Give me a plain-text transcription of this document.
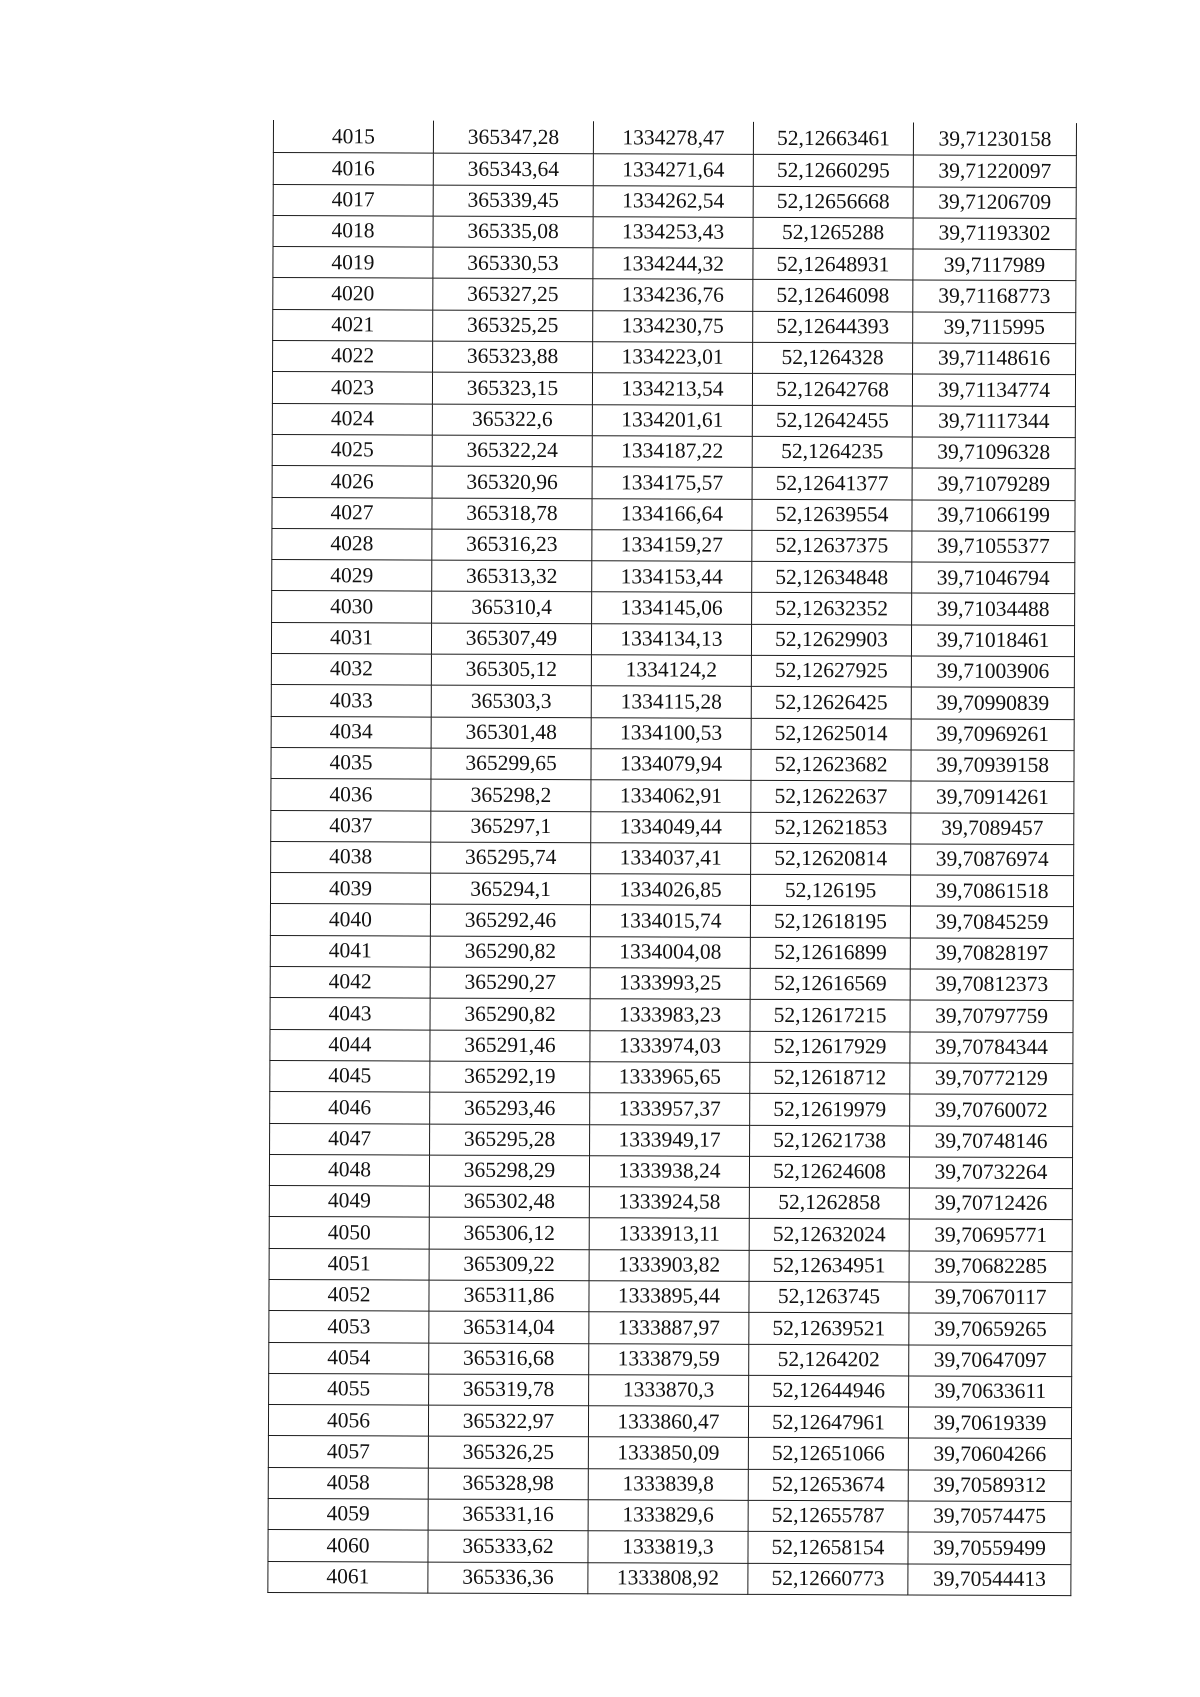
4015	365347,28	1334278,47	52,12663461	39,71230158
4016	365343,64	1334271,64	52,12660295	39,71220097
4017	365339,45	1334262,54	52,12656668	39,71206709
4018	365335,08	1334253,43	52,1265288	39,71193302
4019	365330,53	1334244,32	52,12648931	39,7117989
4020	365327,25	1334236,76	52,12646098	39,71168773
4021	365325,25	1334230,75	52,12644393	39,7115995
4022	365323,88	1334223,01	52,1264328	39,71148616
4023	365323,15	1334213,54	52,12642768	39,71134774
4024	365322,6	1334201,61	52,12642455	39,71117344
4025	365322,24	1334187,22	52,1264235	39,71096328
4026	365320,96	1334175,57	52,12641377	39,71079289
4027	365318,78	1334166,64	52,12639554	39,71066199
4028	365316,23	1334159,27	52,12637375	39,71055377
4029	365313,32	1334153,44	52,12634848	39,71046794
4030	365310,4	1334145,06	52,12632352	39,71034488
4031	365307,49	1334134,13	52,12629903	39,71018461
4032	365305,12	1334124,2	52,12627925	39,71003906
4033	365303,3	1334115,28	52,12626425	39,70990839
4034	365301,48	1334100,53	52,12625014	39,70969261
4035	365299,65	1334079,94	52,12623682	39,70939158
4036	365298,2	1334062,91	52,12622637	39,70914261
4037	365297,1	1334049,44	52,12621853	39,7089457
4038	365295,74	1334037,41	52,12620814	39,70876974
4039	365294,1	1334026,85	52,126195	39,70861518
4040	365292,46	1334015,74	52,12618195	39,70845259
4041	365290,82	1334004,08	52,12616899	39,70828197
4042	365290,27	1333993,25	52,12616569	39,70812373
4043	365290,82	1333983,23	52,12617215	39,70797759
4044	365291,46	1333974,03	52,12617929	39,70784344
4045	365292,19	1333965,65	52,12618712	39,70772129
4046	365293,46	1333957,37	52,12619979	39,70760072
4047	365295,28	1333949,17	52,12621738	39,70748146
4048	365298,29	1333938,24	52,12624608	39,70732264
4049	365302,48	1333924,58	52,1262858	39,70712426
4050	365306,12	1333913,11	52,12632024	39,70695771
4051	365309,22	1333903,82	52,12634951	39,70682285
4052	365311,86	1333895,44	52,1263745	39,70670117
4053	365314,04	1333887,97	52,12639521	39,70659265
4054	365316,68	1333879,59	52,1264202	39,70647097
4055	365319,78	1333870,3	52,12644946	39,70633611
4056	365322,97	1333860,47	52,12647961	39,70619339
4057	365326,25	1333850,09	52,12651066	39,70604266
4058	365328,98	1333839,8	52,12653674	39,70589312
4059	365331,16	1333829,6	52,12655787	39,70574475
4060	365333,62	1333819,3	52,12658154	39,70559499
4061	365336,36	1333808,92	52,12660773	39,70544413
